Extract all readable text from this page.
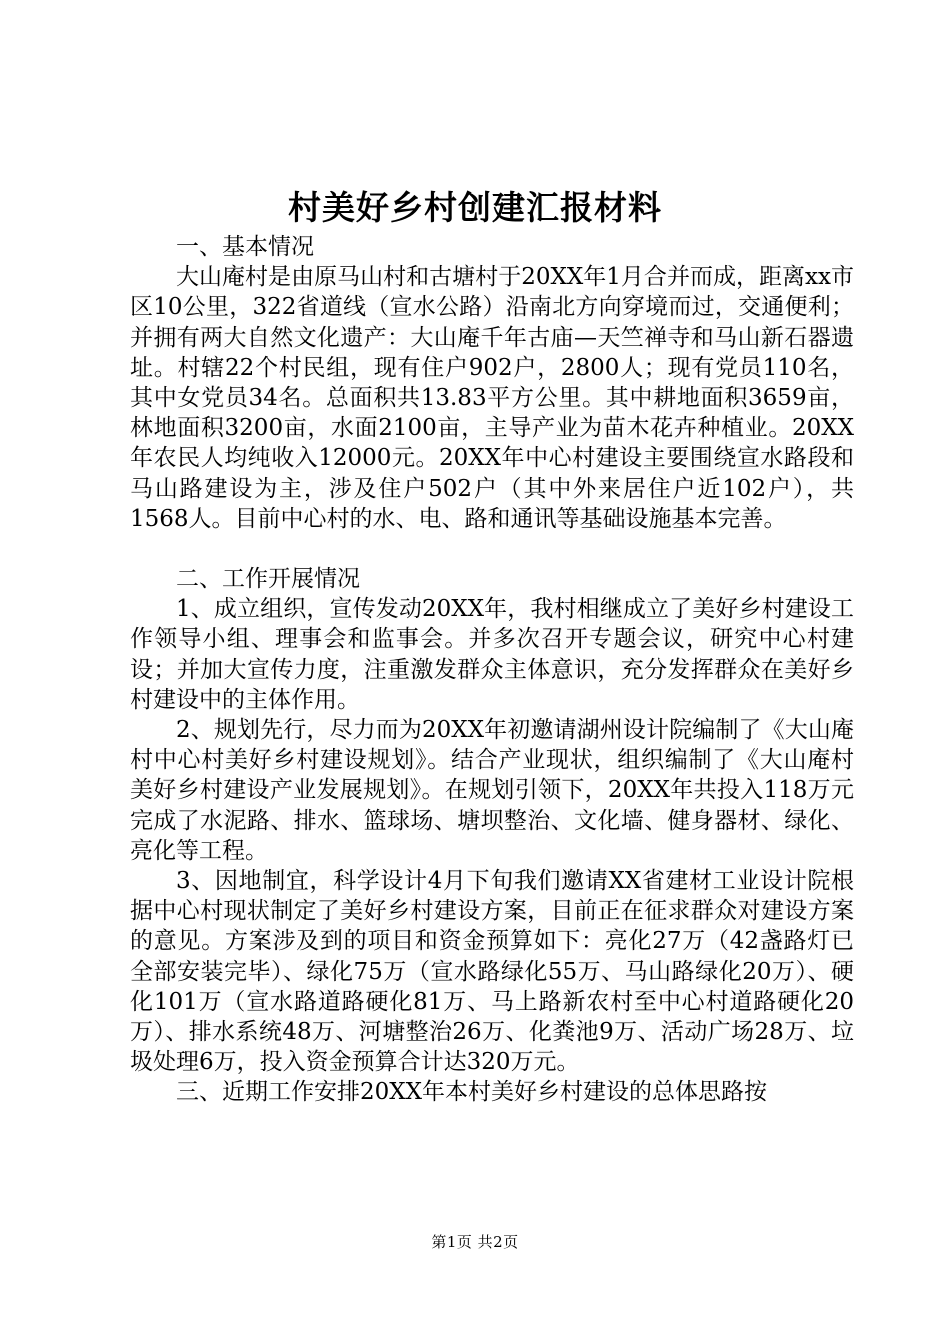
村美好乡村创建汇报材料

一、基本情况

大山庵村是由原马山村和古塘村于20XX年1月合并而成，距离xx市区10公里，322省道线（宣水公路）沿南北方向穿境而过，交通便利；并拥有两大自然文化遗产：大山庵千年古庙—天竺禅寺和马山新石器遗址。村辖22个村民组，现有住户902户，2800人；现有党员110名，其中女党员34名。总面积共13.83平方公里。其中耕地面积3659亩，林地面积3200亩，水面2100亩，主导产业为苗木花卉种植业。20XX年农民人均纯收入12000元。20XX年中心村建设主要围绕宣水路段和马山路建设为主，涉及住户502户（其中外来居住户近102户），共1568人。目前中心村的水、电、路和通讯等基础设施基本完善。

二、工作开展情况

1、成立组织，宣传发动20XX年，我村相继成立了美好乡村建设工作领导小组、理事会和监事会。并多次召开专题会议，研究中心村建设；并加大宣传力度，注重激发群众主体意识，充分发挥群众在美好乡村建设中的主体作用。

2、规划先行，尽力而为20XX年初邀请湖州设计院编制了《大山庵村中心村美好乡村建设规划》。结合产业现状，组织编制了《大山庵村美好乡村建设产业发展规划》。在规划引领下，20XX年共投入118万元完成了水泥路、排水、篮球场、塘坝整治、文化墙、健身器材、绿化、亮化等工程。

3、因地制宜，科学设计4月下旬我们邀请XX省建材工业设计院根据中心村现状制定了美好乡村建设方案，目前正在征求群众对建设方案的意见。方案涉及到的项目和资金预算如下：亮化27万（42盏路灯已全部安装完毕）、绿化75万（宣水路绿化55万、马山路绿化20万）、硬化101万（宣水路道路硬化81万、马上路新农村至中心村道路硬化20万）、排水系统48万、河塘整治26万、化粪池9万、活动广场28万、垃圾处理6万，投入资金预算合计达320万元。

三、近期工作安排20XX年本村美好乡村建设的总体思路按

第1页 共2页
